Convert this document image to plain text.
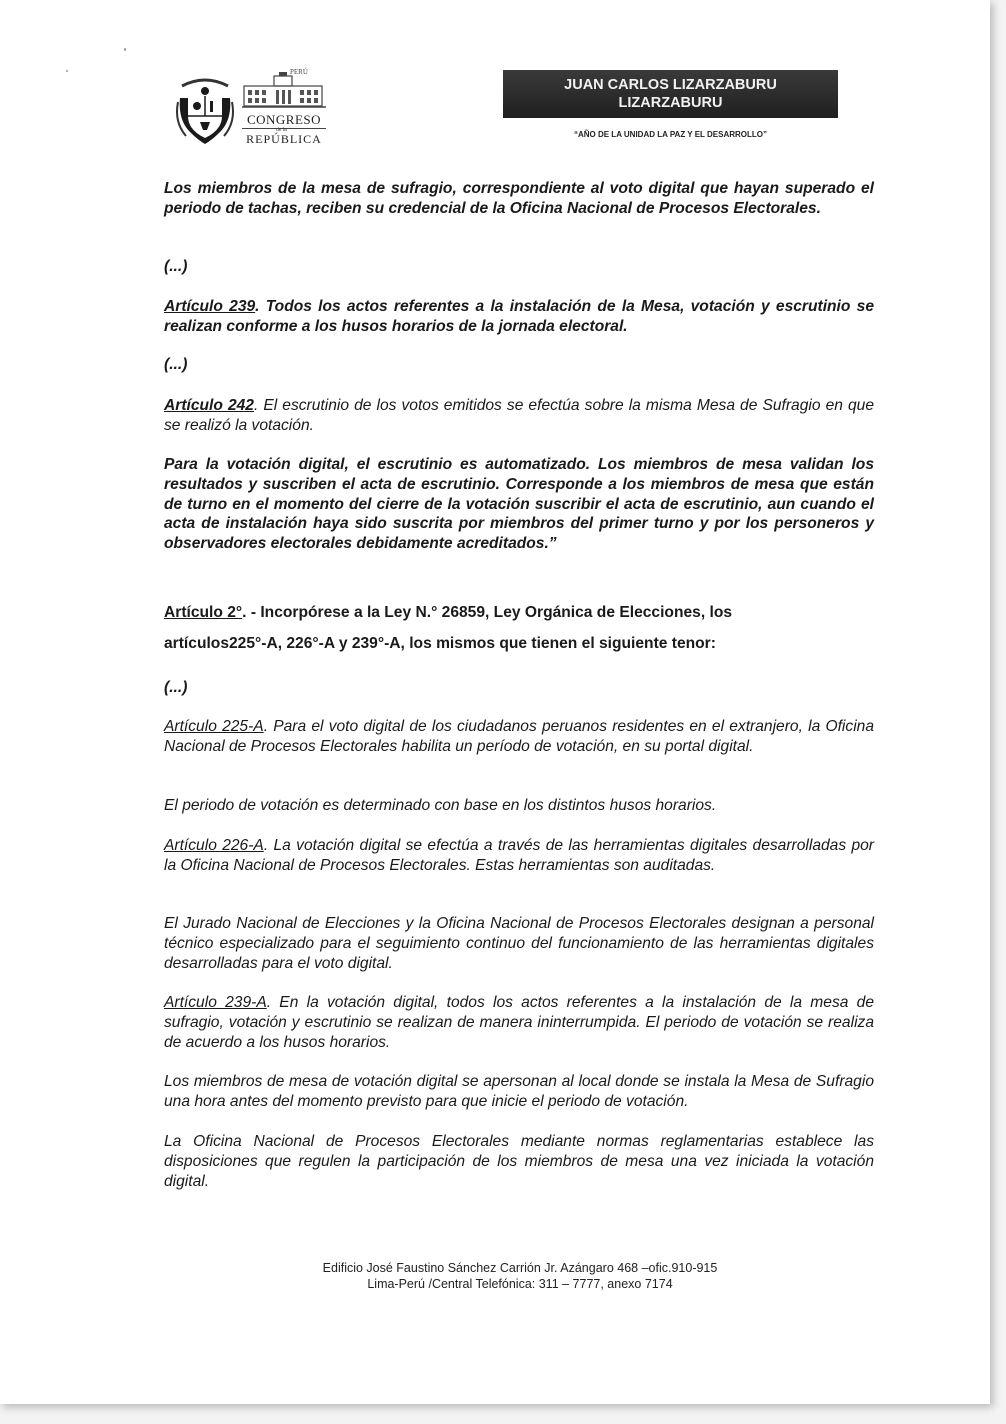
PERÚ
CONGRESO
de la
REPÚBLICA
JUAN CARLOS LIZARZABURU
LIZARZABURU
“AÑO DE LA UNIDAD LA PAZ Y EL DESARROLLO”

Los miembros de la mesa de sufragio, correspondiente al voto digital que hayan superado el periodo de tachas, reciben su credencial de la Oficina Nacional de Procesos Electorales.

(...)

Artículo 239. Todos los actos referentes a la instalación de la Mesa, votación y escrutinio se realizan conforme a los husos horarios de la jornada electoral.

(...)

Artículo 242. El escrutinio de los votos emitidos se efectúa sobre la misma Mesa de Sufragio en que se realizó la votación.

Para la votación digital, el escrutinio es automatizado. Los miembros de mesa validan los resultados y suscriben el acta de escrutinio. Corresponde a los miembros de mesa que están de turno en el momento del cierre de la votación suscribir el acta de escrutinio, aun cuando el acta de instalación haya sido suscrita por miembros del primer turno y por los personeros y observadores electorales debidamente acreditados.”

Artículo 2°. - Incorpórese a la Ley N.° 26859, Ley Orgánica de Elecciones, los
artículos225°-A, 226°-A y 239°-A, los mismos que tienen el siguiente tenor:

(...)

Artículo 225-A. Para el voto digital de los ciudadanos peruanos residentes en el extranjero, la Oficina Nacional de Procesos Electorales habilita un período de votación, en su portal digital.

El periodo de votación es determinado con base en los distintos husos horarios.

Artículo 226-A. La votación digital se efectúa a través de las herramientas digitales desarrolladas por la Oficina Nacional de Procesos Electorales. Estas herramientas son auditadas.

El Jurado Nacional de Elecciones y la Oficina Nacional de Procesos Electorales designan a personal técnico especializado para el seguimiento continuo del funcionamiento de las herramientas digitales desarrolladas para el voto digital.

Artículo 239-A. En la votación digital, todos los actos referentes a la instalación de la mesa de sufragio, votación y escrutinio se realizan de manera ininterrumpida. El periodo de votación se realiza de acuerdo a los husos horarios.

Los miembros de mesa de votación digital se apersonan al local donde se instala la Mesa de Sufragio una hora antes del momento previsto para que inicie el periodo de votación.

La Oficina Nacional de Procesos Electorales mediante normas reglamentarias establece las disposiciones que regulen la participación de los miembros de mesa una vez iniciada la votación digital.

Edificio José Faustino Sánchez Carrión Jr. Azángaro 468 –ofic.910-915
Lima-Perú /Central Telefónica: 311 – 7777, anexo 7174
